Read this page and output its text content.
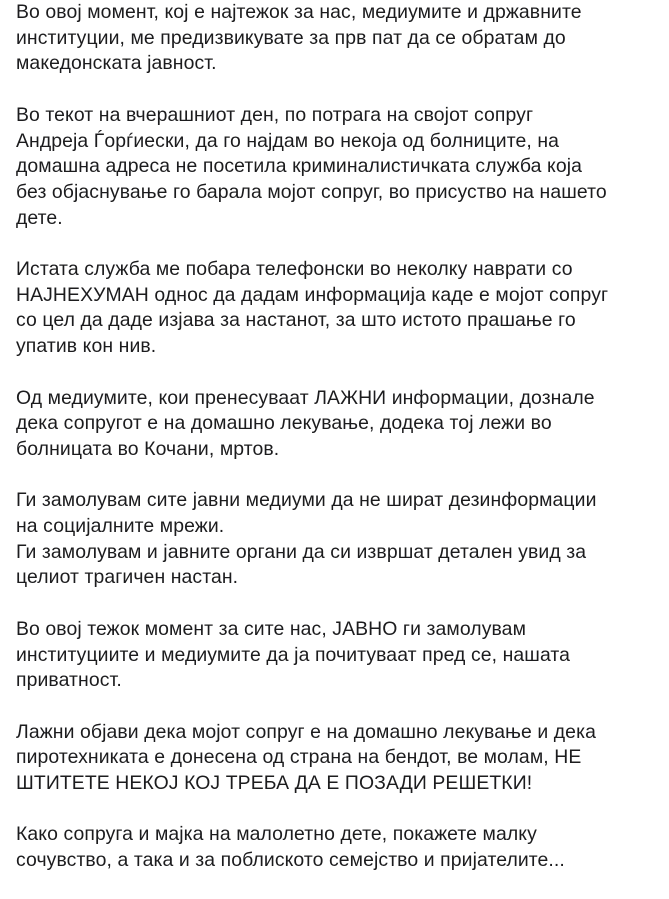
Во овој момент, кој е најтежок за нас, медиумите и државните
институции, ме предизвикувате за прв пат да се обратам до
македонската јавност.
Во текот на вчерашниот ден, по потрага на својот сопруг
Андреја Ѓорѓиески, да го најдам во некоја од болниците, на
домашна адреса не посетила криминалистичката служба која
без објаснување го барала мојот сопруг, во присуство на нашето
дете.
Истата служба ме побара телефонски во неколку наврати со
НАЈНЕХУМАН однос да дадам информација каде е мојот сопруг
со цел да даде изјава за настанот, за што истото прашање го
упатив кон нив.
Од медиумите, кои пренесуваат ЛАЖНИ информации, дознале
дека сопругот е на домашно лекување, додека тој лежи во
болницата во Кочани, мртов.
Ги замолувам сите јавни медиуми да не шират дезинформации
на социјалните мрежи.
Ги замолувам и јавните органи да си извршат детален увид за
целиот трагичен настан.
Во овој тежок момент за сите нас, ЈАВНО ги замолувам
институциите и медиумите да ја почитуваат пред се, нашата
приватност.
Лажни објави дека мојот сопруг е на домашно лекување и дека
пиротехниката е донесена од страна на бендот, ве молам, НЕ
ШТИТЕТЕ НЕКОЈ КОЈ ТРЕБА ДА Е ПОЗАДИ РЕШЕТКИ!
Како сопруга и мајка на малолетно дете, покажете малку
сочувство, а така и за поблиското семејство и пријателите...
